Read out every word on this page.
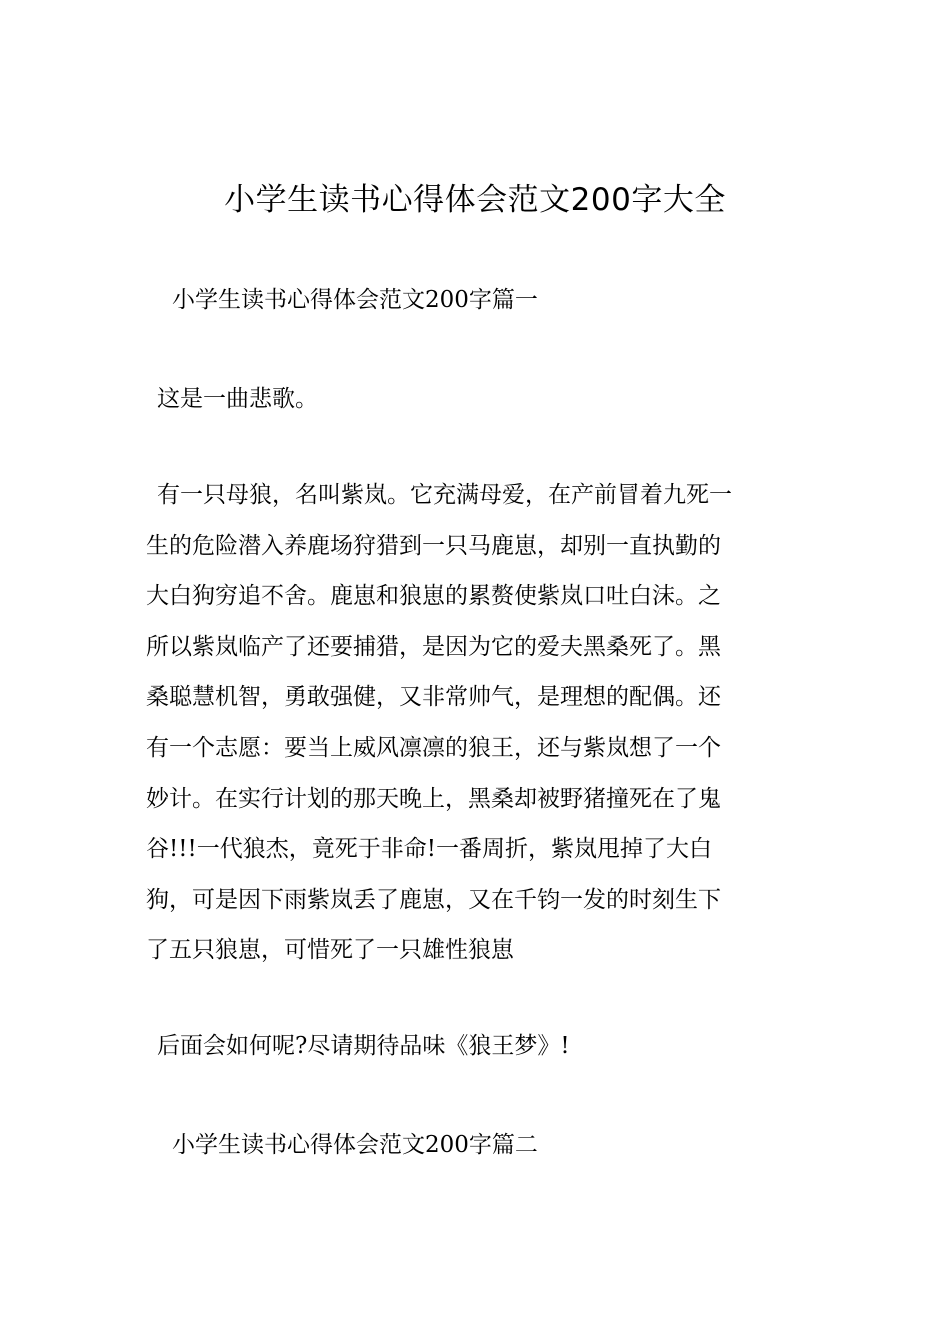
小学生读书心得体会范文200字大全

小学生读书心得体会范文200字篇一

这是一曲悲歌。

有一只母狼，名叫紫岚。它充满母爱，在产前冒着九死一
生的危险潜入养鹿场狩猎到一只马鹿崽，却别一直执勤的
大白狗穷追不舍。鹿崽和狼崽的累赘使紫岚口吐白沫。之
所以紫岚临产了还要捕猎，是因为它的爱夫黑桑死了。黑
桑聪慧机智，勇敢强健，又非常帅气，是理想的配偶。还
有一个志愿：要当上威风凛凛的狼王，还与紫岚想了一个
妙计。在实行计划的那天晚上，黑桑却被野猪撞死在了鬼
谷!!!一代狼杰，竟死于非命!一番周折，紫岚甩掉了大白
狗，可是因下雨紫岚丢了鹿崽，又在千钧一发的时刻生下
了五只狼崽，可惜死了一只雄性狼崽

后面会如何呢?尽请期待品味《狼王梦》!

小学生读书心得体会范文200字篇二
